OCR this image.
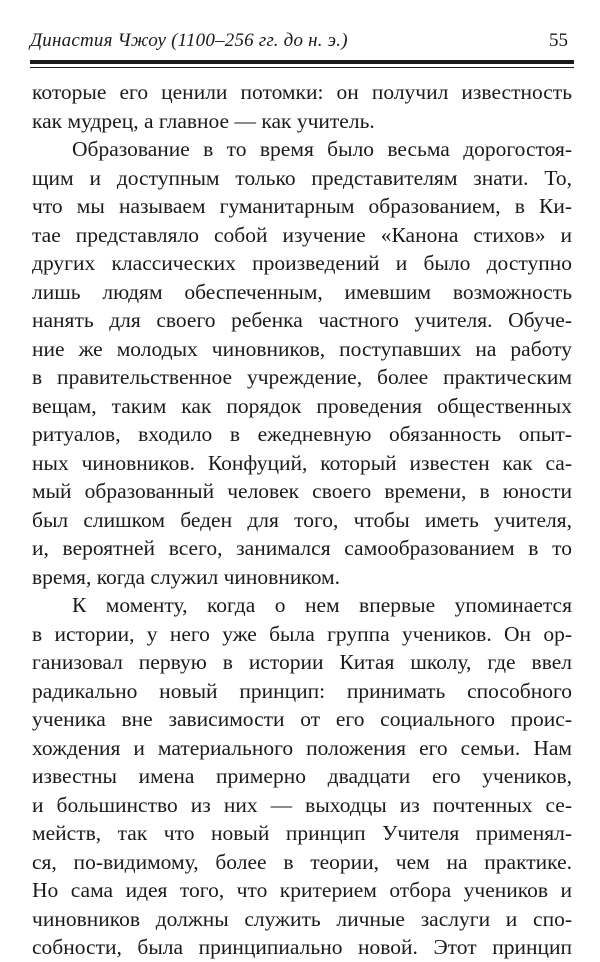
Династия Чжоу (1100–256 гг. до н. э.)	55
которые его ценили потомки: он получил известность
как мудрец, а главное — как учитель.
Образование в то время было весьма дорогостоя-
щим и доступным только представителям знати. То,
что мы называем гуманитарным образованием, в Ки-
тае представляло собой изучение «Канона стихов» и
других классических произведений и было доступно
лишь людям обеспеченным, имевшим возможность
нанять для своего ребенка частного учителя. Обуче-
ние же молодых чиновников, поступавших на работу
в правительственное учреждение, более практическим
вещам, таким как порядок проведения общественных
ритуалов, входило в ежедневную обязанность опыт-
ных чиновников. Конфуций, который известен как са-
мый образованный человек своего времени, в юности
был слишком беден для того, чтобы иметь учителя,
и, вероятней всего, занимался самообразованием в то
время, когда служил чиновником.
К моменту, когда о нем впервые упоминается
в истории, у него уже была группа учеников. Он ор-
ганизовал первую в истории Китая школу, где ввел
радикально новый принцип: принимать способного
ученика вне зависимости от его социального проис-
хождения и материального положения его семьи. Нам
известны имена примерно двадцати его учеников,
и большинство из них — выходцы из почтенных се-
мейств, так что новый принцип Учителя применял-
ся, по-видимому, более в теории, чем на практике.
Но сама идея того, что критерием отбора учеников и
чиновников должны служить личные заслуги и спо-
собности, была принципиально новой. Этот принцип
